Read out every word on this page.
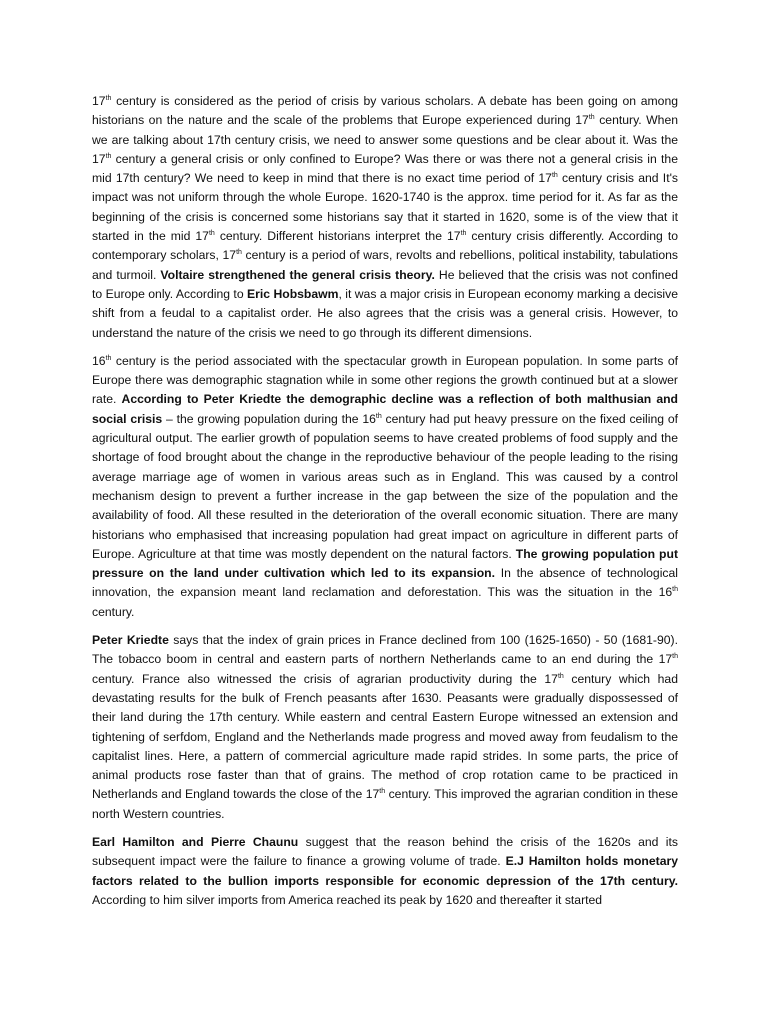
17th century is considered as the period of crisis by various scholars. A debate has been going on among historians on the nature and the scale of the problems that Europe experienced during 17th century. When we are talking about 17th century crisis, we need to answer some questions and be clear about it. Was the 17th century a general crisis or only confined to Europe? Was there or was there not a general crisis in the mid 17th century? We need to keep in mind that there is no exact time period of 17th century crisis and It's impact was not uniform through the whole Europe. 1620-1740 is the approx. time period for it. As far as the beginning of the crisis is concerned some historians say that it started in 1620, some is of the view that it started in the mid 17th century. Different historians interpret the 17th century crisis differently. According to contemporary scholars, 17th century is a period of wars, revolts and rebellions, political instability, tabulations and turmoil. Voltaire strengthened the general crisis theory. He believed that the crisis was not confined to Europe only. According to Eric Hobsbawm, it was a major crisis in European economy marking a decisive shift from a feudal to a capitalist order. He also agrees that the crisis was a general crisis. However, to understand the nature of the crisis we need to go through its different dimensions.

16th century is the period associated with the spectacular growth in European population. In some parts of Europe there was demographic stagnation while in some other regions the growth continued but at a slower rate. According to Peter Kriedte the demographic decline was a reflection of both malthusian and social crisis – the growing population during the 16th century had put heavy pressure on the fixed ceiling of agricultural output. The earlier growth of population seems to have created problems of food supply and the shortage of food brought about the change in the reproductive behaviour of the people leading to the rising average marriage age of women in various areas such as in England. This was caused by a control mechanism design to prevent a further increase in the gap between the size of the population and the availability of food. All these resulted in the deterioration of the overall economic situation. There are many historians who emphasised that increasing population had great impact on agriculture in different parts of Europe. Agriculture at that time was mostly dependent on the natural factors. The growing population put pressure on the land under cultivation which led to its expansion. In the absence of technological innovation, the expansion meant land reclamation and deforestation. This was the situation in the 16th century.

Peter Kriedte says that the index of grain prices in France declined from 100 (1625-1650) - 50 (1681-90). The tobacco boom in central and eastern parts of northern Netherlands came to an end during the 17th century. France also witnessed the crisis of agrarian productivity during the 17th century which had devastating results for the bulk of French peasants after 1630. Peasants were gradually dispossessed of their land during the 17th century. While eastern and central Eastern Europe witnessed an extension and tightening of serfdom, England and the Netherlands made progress and moved away from feudalism to the capitalist lines. Here, a pattern of commercial agriculture made rapid strides. In some parts, the price of animal products rose faster than that of grains. The method of crop rotation came to be practiced in Netherlands and England towards the close of the 17th century. This improved the agrarian condition in these north Western countries.

Earl Hamilton and Pierre Chaunu suggest that the reason behind the crisis of the 1620s and its subsequent impact were the failure to finance a growing volume of trade. E.J Hamilton holds monetary factors related to the bullion imports responsible for economic depression of the 17th century. According to him silver imports from America reached its peak by 1620 and thereafter it started
